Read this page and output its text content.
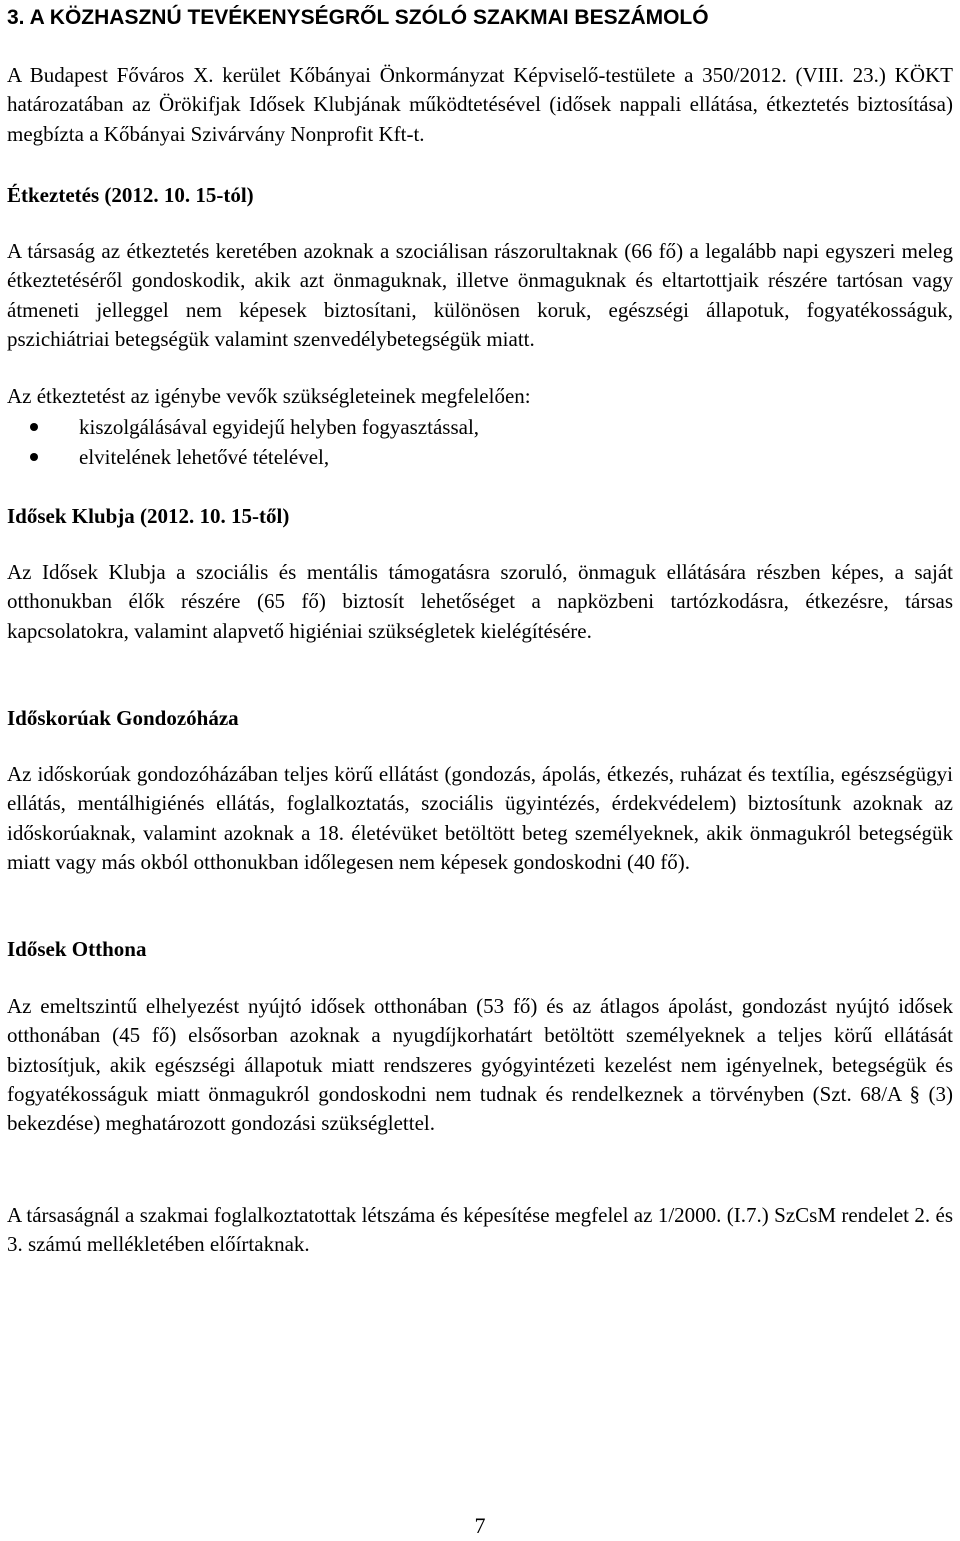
3. A KÖZHASZNÚ TEVÉKENYSÉGRŐL SZÓLÓ SZAKMAI BESZÁMOLÓ

A Budapest Főváros X. kerület Kőbányai Önkormányzat Képviselő-testülete a 350/2012. (VIII. 23.) KÖKT határozatában az Örökifjak Idősek Klubjának működtetésével (idősek nappali ellátása, étkeztetés biztosítása) megbízta a Kőbányai Szivárvány Nonprofit Kft-t.

Étkeztetés (2012. 10. 15-tól)

A társaság az étkeztetés keretében azoknak a szociálisan rászorultaknak (66 fő) a legalább napi egyszeri meleg étkeztetéséről gondoskodik, akik azt önmaguknak, illetve önmaguknak és eltartottjaik részére tartósan vagy átmeneti jelleggel nem képesek biztosítani, különösen koruk, egészségi állapotuk, fogyatékosságuk, pszichiátriai betegségük valamint szenvedélybetegségük miatt.

Az étkeztetést az igénybe vevők szükségleteinek megfelelően:
kiszolgálásával egyidejű helyben fogyasztással,
elvitelének lehetővé tételével,
Idősek Klubja (2012. 10. 15-től)

Az Idősek Klubja a szociális és mentális támogatásra szoruló, önmaguk ellátására részben képes, a saját otthonukban élők részére (65 fő) biztosít lehetőséget a napközbeni tartózkodásra, étkezésre, társas kapcsolatokra, valamint alapvető higiéniai szükségletek kielégítésére.

Időskorúak Gondozóháza

Az időskorúak gondozóházában teljes körű ellátást (gondozás, ápolás, étkezés, ruházat és textília, egészségügyi ellátás, mentálhigiénés ellátás, foglalkoztatás, szociális ügyintézés, érdekvédelem) biztosítunk azoknak az időskorúaknak, valamint azoknak a 18. életévüket betöltött beteg személyeknek, akik önmagukról betegségük miatt vagy más okból otthonukban időlegesen nem képesek gondoskodni (40 fő).

Idősek Otthona

Az emeltszintű elhelyezést nyújtó idősek otthonában (53 fő) és az átlagos ápolást, gondozást nyújtó idősek otthonában (45 fő) elsősorban azoknak a nyugdíjkorhatárt betöltött személyeknek a teljes körű ellátását biztosítjuk, akik egészségi állapotuk miatt rendszeres gyógyintézeti kezelést nem igényelnek, betegségük és fogyatékosságuk miatt önmagukról gondoskodni nem tudnak és rendelkeznek a törvényben (Szt. 68/A § (3) bekezdése) meghatározott gondozási szükséglettel.

A társaságnál a szakmai foglalkoztatottak létszáma és képesítése megfelel az 1/2000. (I.7.) SzCsM rendelet 2. és 3. számú mellékletében előírtaknak.

7
